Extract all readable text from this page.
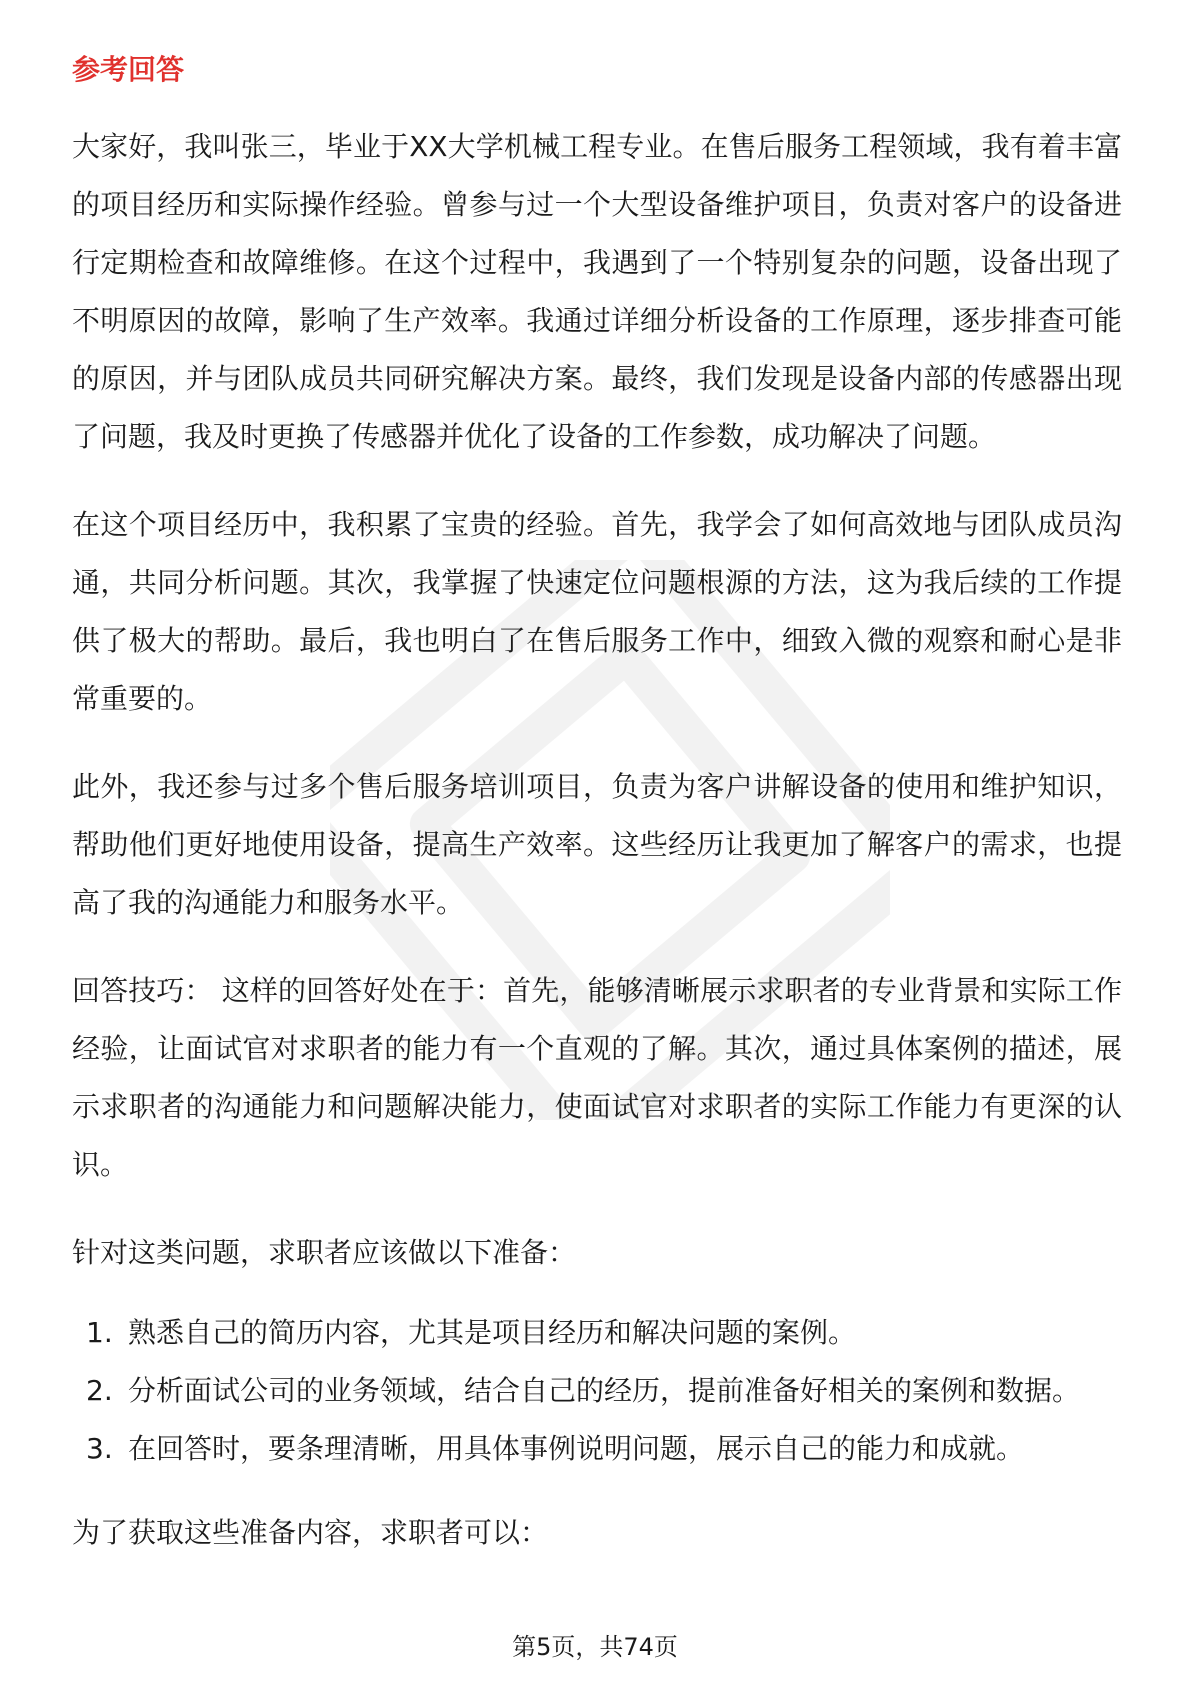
参考回答

大家好，我叫张三，毕业于XX大学机械工程专业。在售后服务工程领域，我有着丰富的项目经历和实际操作经验。曾参与过一个大型设备维护项目，负责对客户的设备进行定期检查和故障维修。在这个过程中，我遇到了一个特别复杂的问题，设备出现了不明原因的故障，影响了生产效率。我通过详细分析设备的工作原理，逐步排查可能的原因，并与团队成员共同研究解决方案。最终，我们发现是设备内部的传感器出现了问题，我及时更换了传感器并优化了设备的工作参数，成功解决了问题。

在这个项目经历中，我积累了宝贵的经验。首先，我学会了如何高效地与团队成员沟通，共同分析问题。其次，我掌握了快速定位问题根源的方法，这为我后续的工作提供了极大的帮助。最后，我也明白了在售后服务工作中，细致入微的观察和耐心是非常重要的。

此外，我还参与过多个售后服务培训项目，负责为客户讲解设备的使用和维护知识，帮助他们更好地使用设备，提高生产效率。这些经历让我更加了解客户的需求，也提高了我的沟通能力和服务水平。

回答技巧： 这样的回答好处在于：首先，能够清晰展示求职者的专业背景和实际工作经验，让面试官对求职者的能力有一个直观的了解。其次，通过具体案例的描述，展示求职者的沟通能力和问题解决能力，使面试官对求职者的实际工作能力有更深的认识。

针对这类问题，求职者应该做以下准备：

1. 熟悉自己的简历内容，尤其是项目经历和解决问题的案例。
2. 分析面试公司的业务领域，结合自己的经历，提前准备好相关的案例和数据。
3. 在回答时，要条理清晰，用具体事例说明问题，展示自己的能力和成就。

为了获取这些准备内容，求职者可以：

第5页，共74页
